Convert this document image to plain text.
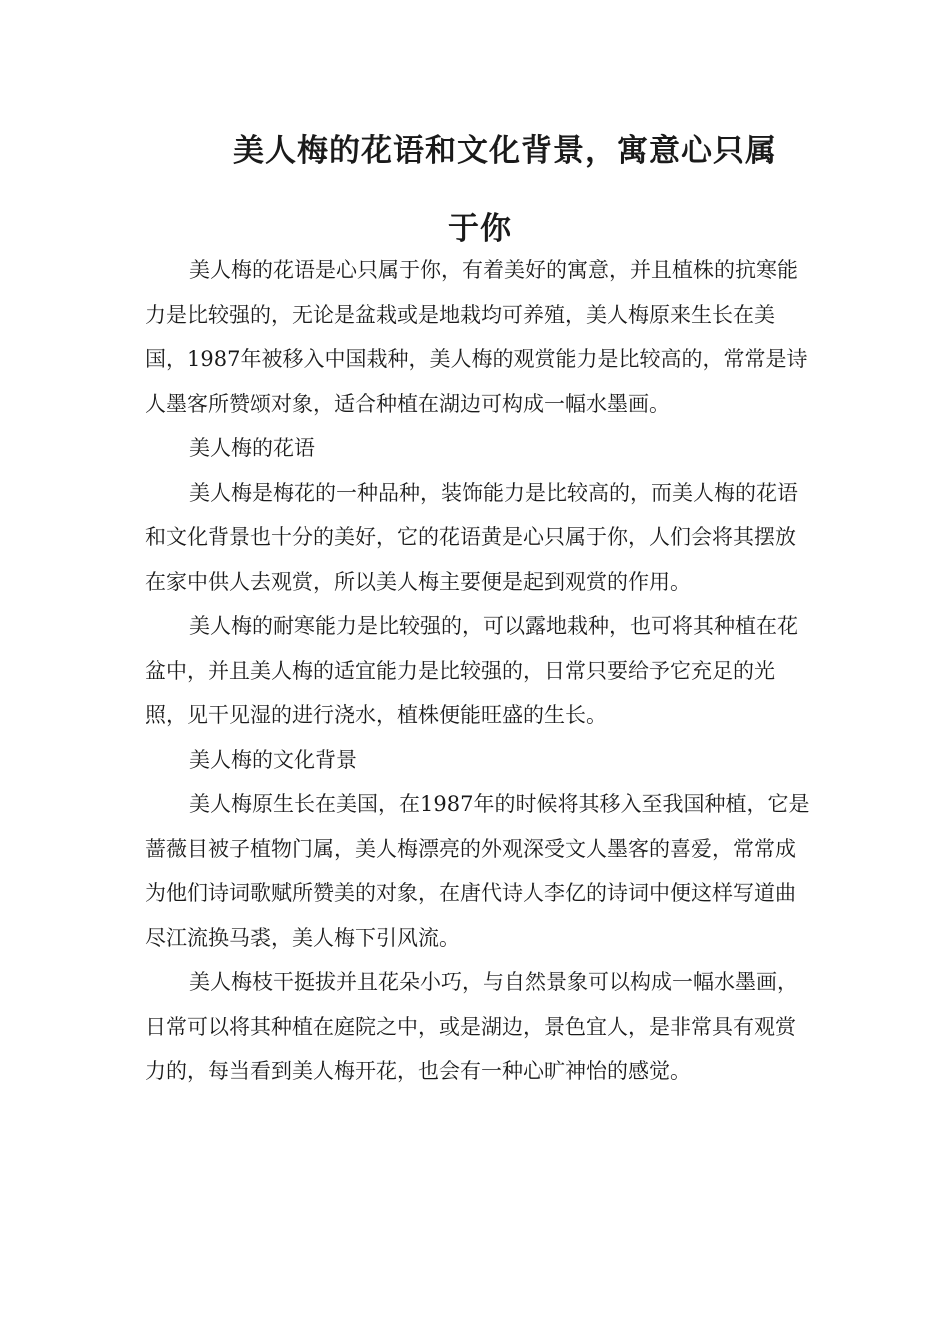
美人梅的花语和文化背景，寓意心只属
于你

美人梅的花语是心只属于你，有着美好的寓意，并且植株的抗寒能力是比较强的，无论是盆栽或是地栽均可养殖，美人梅原来生长在美国，1987年被移入中国栽种，美人梅的观赏能力是比较高的，常常是诗人墨客所赞颂对象，适合种植在湖边可构成一幅水墨画。

美人梅的花语

美人梅是梅花的一种品种，装饰能力是比较高的，而美人梅的花语和文化背景也十分的美好，它的花语黄是心只属于你，人们会将其摆放在家中供人去观赏，所以美人梅主要便是起到观赏的作用。

美人梅的耐寒能力是比较强的，可以露地栽种，也可将其种植在花盆中，并且美人梅的适宜能力是比较强的，日常只要给予它充足的光照，见干见湿的进行浇水，植株便能旺盛的生长。

美人梅的文化背景

美人梅原生长在美国，在1987年的时候将其移入至我国种植，它是蔷薇目被子植物门属，美人梅漂亮的外观深受文人墨客的喜爱，常常成为他们诗词歌赋所赞美的对象，在唐代诗人李亿的诗词中便这样写道曲尽江流换马裘，美人梅下引风流。

美人梅枝干挺拔并且花朵小巧，与自然景象可以构成一幅水墨画，日常可以将其种植在庭院之中，或是湖边，景色宜人，是非常具有观赏力的，每当看到美人梅开花，也会有一种心旷神怡的感觉。
